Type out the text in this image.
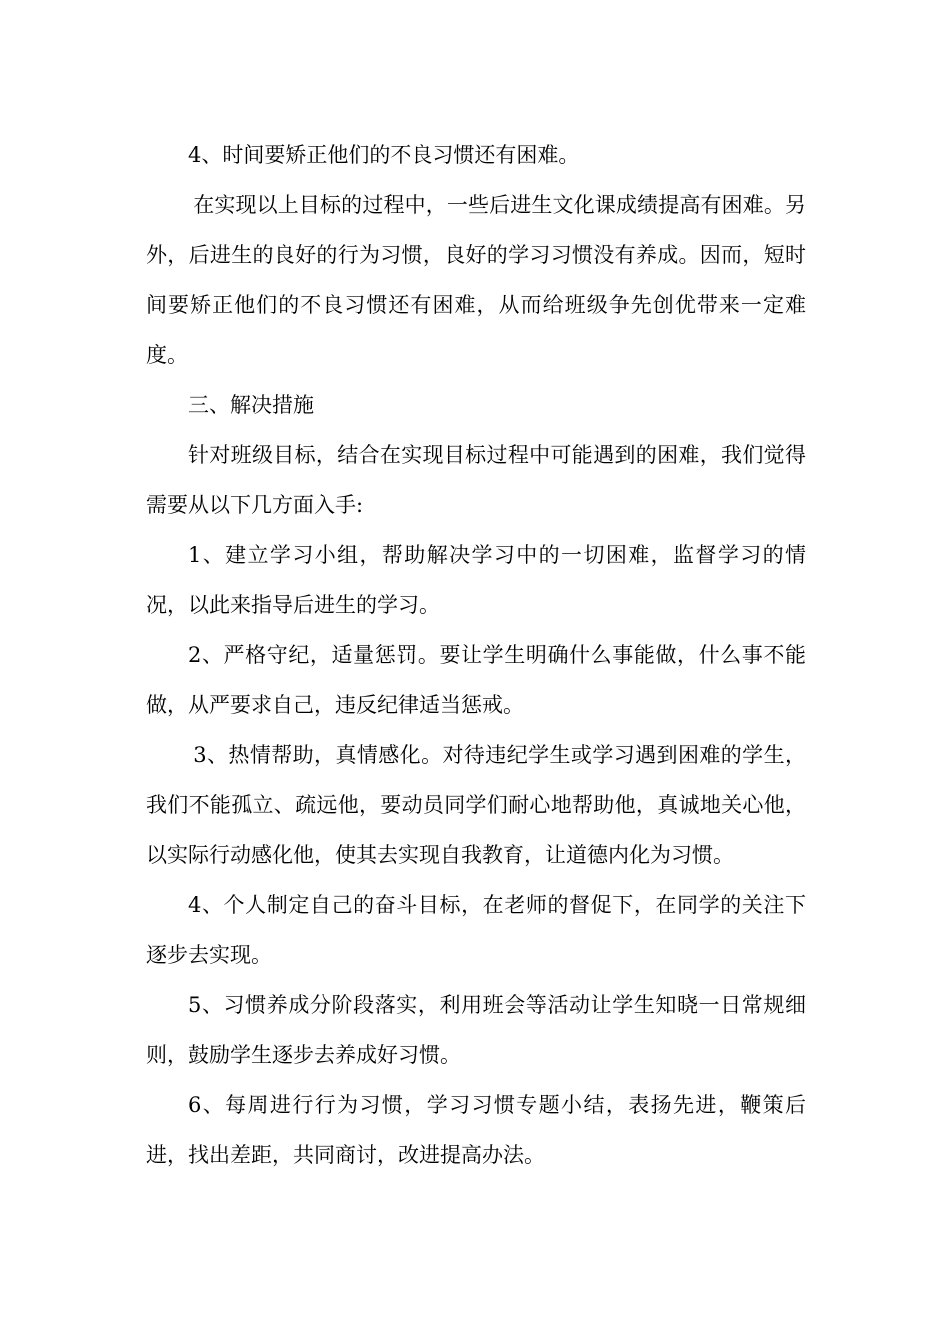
4、时间要矫正他们的不良习惯还有困难。

在实现以上目标的过程中，一些后进生文化课成绩提高有困难。另外，后进生的良好的行为习惯，良好的学习习惯没有养成。因而，短时间要矫正他们的不良习惯还有困难，从而给班级争先创优带来一定难度。

三、解决措施

针对班级目标，结合在实现目标过程中可能遇到的困难，我们觉得需要从以下几方面入手:

1、建立学习小组，帮助解决学习中的一切困难，监督学习的情况，以此来指导后进生的学习。

2、严格守纪，适量惩罚。要让学生明确什么事能做，什么事不能做，从严要求自己，违反纪律适当惩戒。

3、热情帮助，真情感化。对待违纪学生或学习遇到困难的学生，我们不能孤立、疏远他，要动员同学们耐心地帮助他，真诚地关心他，以实际行动感化他，使其去实现自我教育，让道德内化为习惯。

4、个人制定自己的奋斗目标，在老师的督促下，在同学的关注下逐步去实现。

5、习惯养成分阶段落实，利用班会等活动让学生知晓一日常规细则，鼓励学生逐步去养成好习惯。

6、每周进行行为习惯，学习习惯专题小结，表扬先进，鞭策后进，找出差距，共同商讨，改进提高办法。
